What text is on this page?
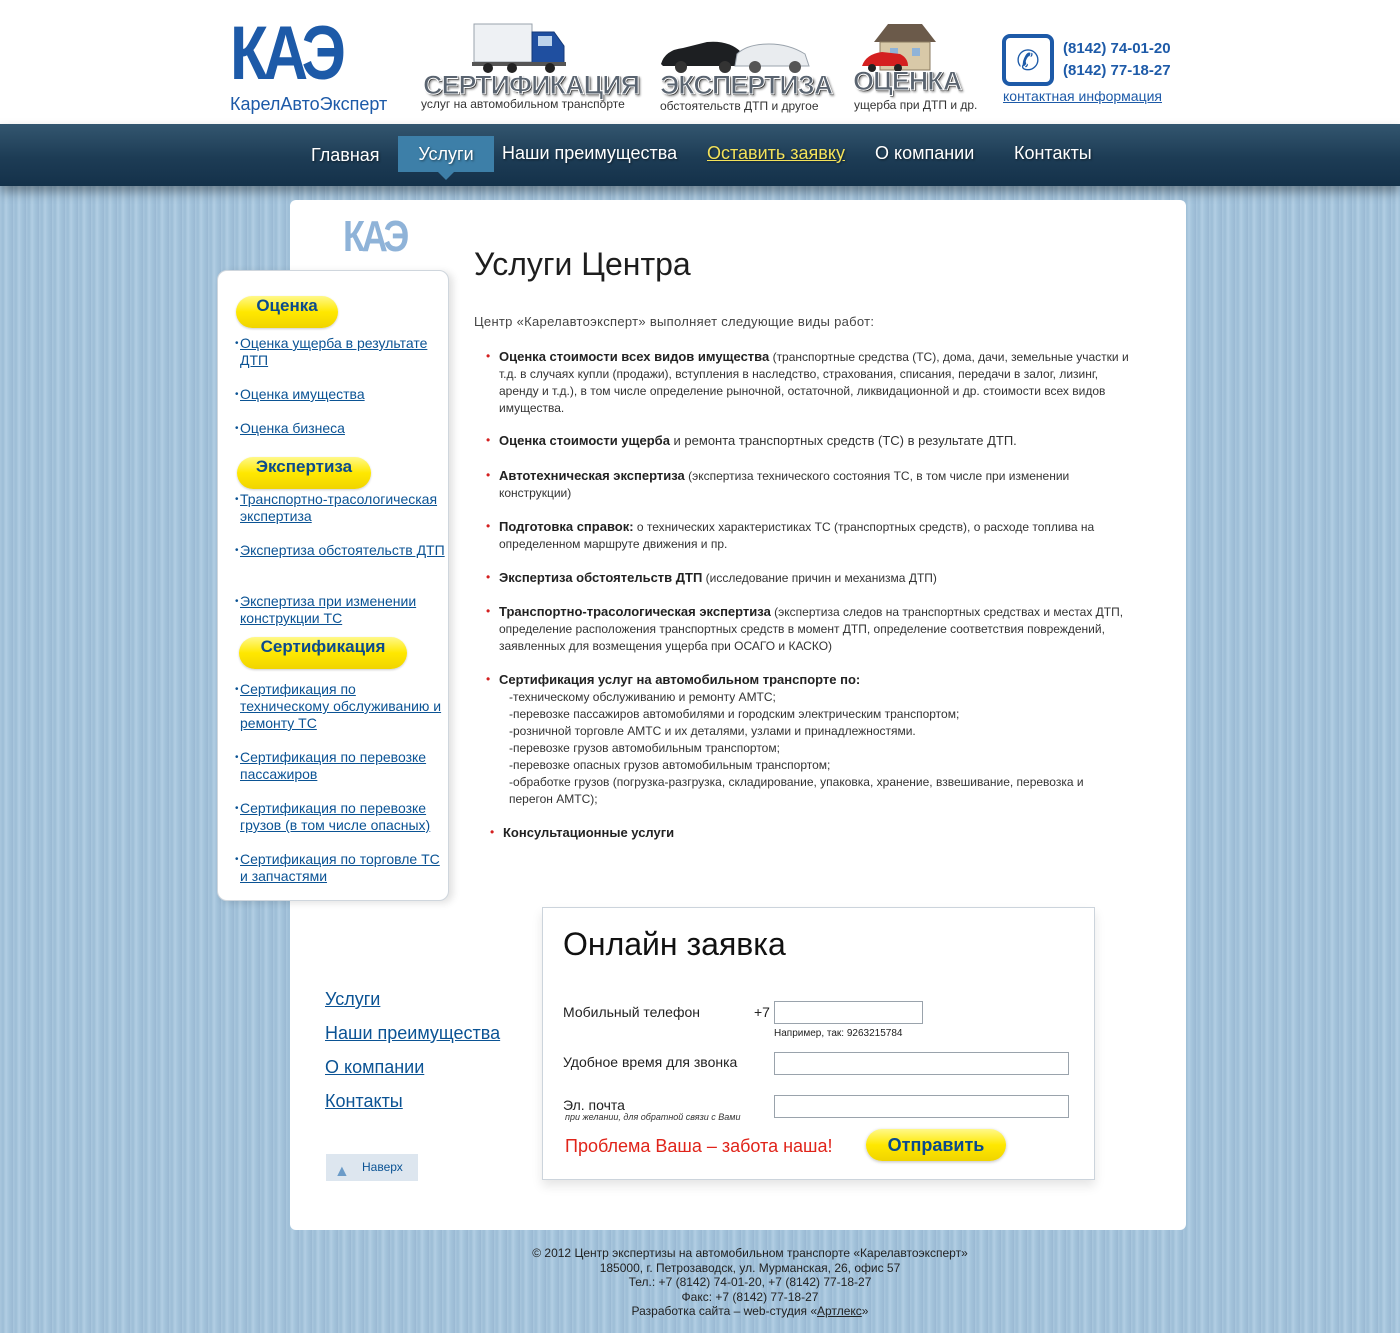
КАЭ
КарелАвтоЭксперт
СЕРТИФИКАЦИЯ
услуг на автомобильном транспорте
ЭКСПЕРТИЗА
обстоятельств ДТП и другое
ОЦЕНКА
ущерба при ДТП и др.
✆	(8142) 74-01-20
(8142) 77-18-27
контактная информация
Главная	Услуги	Наши преимущества	Оставить заявку	О компании	Контакты
КАЭ
Оценка
• Оценка ущерба в результате ДТП
• Оценка имущества
• Оценка бизнеса
Экспертиза
• Транспортно-трасологическая экспертиза
• Экспертиза обстоятельств ДТП
• Экспертиза при изменении конструкции ТС
Сертификация
• Сертификация по техническому обслуживанию и ремонту ТС
• Сертификация по перевозке пассажиров
• Сертификация по перевозке грузов (в том числе опасных)
• Сертификация по торговле ТС и запчастями
Услуги Центра
Центр «Карелавтоэксперт» выполняет следующие виды работ:
• Оценка стоимости всех видов имущества (транспортные средства (ТС), дома, дачи, земельные участки и т.д. в случаях купли (продажи), вступления в наследство, страхования, списания, передачи в залог, лизинг, аренду и т.д.), в том числе определение рыночной, остаточной, ликвидационной и др. стоимости всех видов имущества.
• Оценка стоимости ущерба и ремонта транспортных средств (ТС) в результате ДТП.
• Автотехническая экспертиза (экспертиза технического состояния ТС, в том числе при изменении конструкции)
• Подготовка справок: о технических характеристиках ТС (транспортных средств), о расходе топлива на определенном маршруте движения и пр.
• Экспертиза обстоятельств ДТП (исследование причин и механизма ДТП)
• Транспортно-трасологическая экспертиза (экспертиза следов на транспортных средствах и местах ДТП, определение расположения транспортных средств в момент ДТП, определение соответствия повреждений, заявленных для возмещения ущерба при ОСАГО и КАСКО)
• Сертификация услуг на автомобильном транспорте по:
-техническому обслуживанию и ремонту АМТС;
-перевозке пассажиров автомобилями и городским электрическим транспортом;
-розничной торговле АМТС и их деталями, узлами и принадлежностями.
-перевозке грузов автомобильным транспортом;
-перевозке опасных грузов автомобильным транспортом;
-обработке грузов (погрузка-разгрузка, складирование, упаковка, хранение, взвешивание, перевозка и перегон АМТС);
• Консультационные услуги
Услуги
Наши преимущества
О компании
Контакты
▲ Наверх
Онлайн заявка
Мобильный телефон	+7
Например, так: 9263215784
Удобное время для звонка
Эл. почта
при желании, для обратной связи с Вами
Проблема Ваша – забота наша!	Отправить
© 2012 Центр экспертизы на автомобильном транспорте «Карелавтоэксперт»
185000, г. Петрозаводск, ул. Мурманская, 26, офис 57
Тел.: +7 (8142) 74-01-20, +7 (8142) 77-18-27
Факс: +7 (8142) 77-18-27
Разработка сайта – web-студия «Артлекс»
